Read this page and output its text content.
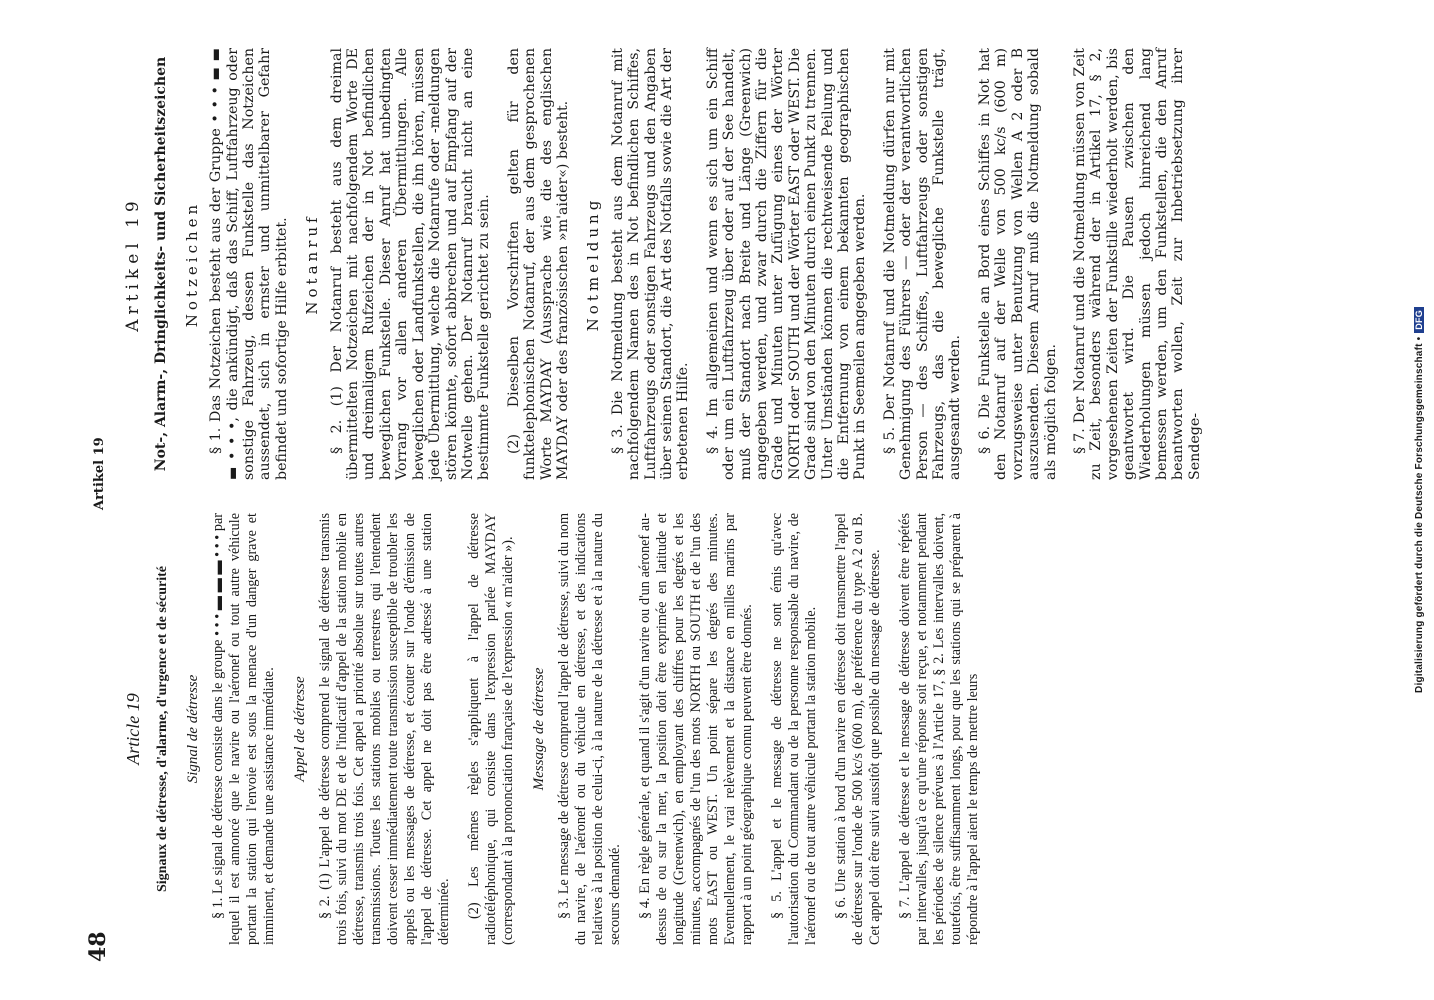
48
Artikel 19
Article 19 Signaux de détresse, d'alarme, d'urgence et de sécurité Signal de détresse § 1. Le signal de détresse consiste dans le groupe • • • ▬ ▬ ▬ • • • par lequel il est annoncé que le navire ou l'aéronef ou tout autre véhicule portant la station qui l'envoie est sous la menace d'un danger grave et imminent, et demande une assistance immédiate. Appel de détresse § 2. (1) L'appel de détresse comprend le signal de détresse transmis trois fois, suivi du mot DE et de l'indicatif d'appel de la station mobile en détresse, transmis trois fois. Cet appel a priorité absolue sur toutes autres transmissions. Toutes les stations mobiles ou terrestres qui l'entendent doivent cesser immédiatement toute transmission susceptible de troubler les appels ou les messages de détresse, et écouter sur l'onde d'émission de l'appel de détresse. Cet appel ne doit pas être adressé à une station déterminée. (2) Les mêmes règles s'appliquent à l'appel de détresse radiotéléphonique, qui consiste dans l'expression parlée MAYDAY (correspondant à la prononciation française de l'expression « m'aider »). Message de détresse § 3. Le message de détresse comprend l'appel de détresse, suivi du nom du navire, de l'aéronef ou du véhicule en détresse, et des indications relatives à la position de celui-ci, à la nature de la détresse et à la nature du secours demandé. § 4. En règle générale, et quand il s'agit d'un navire ou d'un aéronef au-dessus de ou sur la mer, la position doit être exprimée en latitude et longitude (Greenwich), en employant des chiffres pour les degrés et les minutes, accompagnés de l'un des mots NORTH ou SOUTH et de l'un des mots EAST ou WEST. Un point sépare les degrés des minutes. Eventuellement, le vrai relèvement et la distance en milles marins par rapport à un point géographique connu peuvent être donnés. § 5. L'appel et le message de détresse ne sont émis qu'avec l'autorisation du Commandant ou de la personne responsable du navire, de l'aéronef ou de tout autre véhicule portant la station mobile. § 6. Une station à bord d'un navire en détresse doit transmettre l'appel de détresse sur l'onde de 500 kc/s (600 m), de préférence du type A 2 ou B. Cet appel doit être suivi aussitôt que possible du message de détresse. § 7. L'appel de détresse et le message de détresse doivent être répétés par intervalles, jusqu'à ce qu'une réponse soit reçue, et notamment pendant les périodes de silence prévues à l'Article 17, § 2. Les intervalles doivent, toutefois, être suffisamment longs, pour que les stations qui se préparent à répondre à l'appel aient le temps de mettre leurs

Artikel 19 Not-, Alarm-, Dringlichkeits- und Sicherheitszeichen Notzeichen § 1. Das Notzeichen besteht aus der Gruppe • • • ▬ ▬ ▬ • • •, die ankündigt, daß das Schiff, Luftfahrzeug oder sonstige Fahrzeug, dessen Funkstelle das Notzeichen aussendet, sich in ernster und unmittelbarer Gefahr befindet und sofortige Hilfe erbittet. Notanruf § 2. (1) Der Notanruf besteht aus dem dreimal übermittelten Notzeichen mit nachfolgendem Worte DE und dreimaligem Rufzeichen der in Not befindlichen beweglichen Funkstelle. Dieser Anruf hat unbedingten Vorrang vor allen anderen Übermittlungen. Alle beweglichen oder Landfunkstellen, die ihn hören, müssen jede Übermittlung, welche die Notanrufe oder -meldungen stören könnte, sofort abbrechen und auf Empfang auf der Notwelle gehen. Der Notanruf braucht nicht an eine bestimmte Funkstelle gerichtet zu sein. (2) Dieselben Vorschriften gelten für den funktelephonischen Notanruf, der aus dem gesprochenen Worte MAYDAY (Aussprache wie die des englischen MAYDAY oder des französischen »m'aider«) besteht. Notmeldung § 3. Die Notmeldung besteht aus dem Notanruf mit nachfolgendem Namen des in Not befindlichen Schiffes, Luftfahrzeugs oder sonstigen Fahrzeugs und den Angaben über seinen Standort, die Art des Notfalls sowie die Art der erbetenen Hilfe. § 4. Im allgemeinen und wenn es sich um ein Schiff oder um ein Luftfahrzeug über oder auf der See handelt, muß der Standort nach Breite und Länge (Greenwich) angegeben werden, und zwar durch die Ziffern für die Grade und Minuten unter Zufügung eines der Wörter NORTH oder SOUTH und der Wörter EAST oder WEST. Die Grade sind von den Minuten durch einen Punkt zu trennen. Unter Umständen können die rechtweisende Peilung und die Entfernung von einem bekannten geographischen Punkt in Seemeilen angegeben werden. § 5. Der Notanruf und die Notmeldung dürfen nur mit Genehmigung des Führers — oder der verantwortlichen Person — des Schiffes, Luftfahrzeugs oder sonstigen Fahrzeugs, das die bewegliche Funkstelle trägt, ausgesandt werden. § 6. Die Funkstelle an Bord eines Schiffes in Not hat den Notanruf auf der Welle von 500 kc/s (600 m) vorzugsweise unter Benutzung von Wellen A 2 oder B auszusenden. Diesem Anruf muß die Notmeldung sobald als möglich folgen. § 7. Der Notanruf und die Notmeldung müssen von Zeit zu Zeit, besonders während der in Artikel 17, § 2, vorgesehenen Zeiten der Funkstille wiederholt werden, bis geantwortet wird. Die Pausen zwischen den Wiederholungen müssen jedoch hinreichend lang bemessen werden, um den Funkstellen, die den Anruf beantworten wollen, Zeit zur Inbetriebsetzung ihrer Sendege-	Digitalisierung gefördert durch die Deutsche Forschungsgemeinschaft •DFG
